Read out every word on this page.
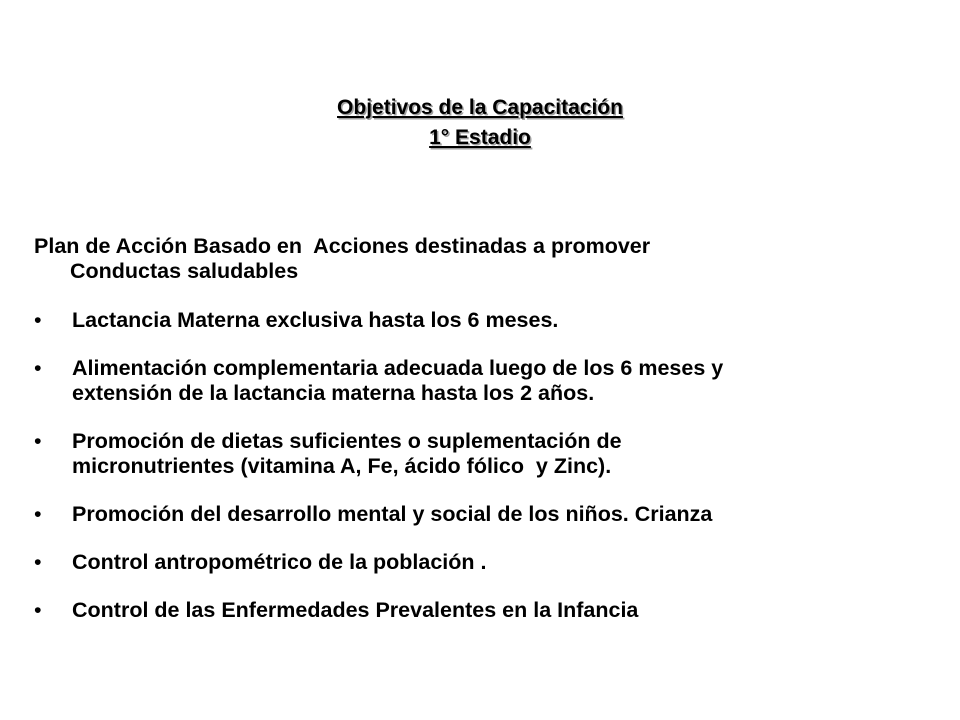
Objetivos de la Capacitación
1° Estadio
Plan de Acción Basado en  Acciones destinadas a promover
Conductas saludables
• Lactancia Materna exclusiva hasta los 6 meses.
• Alimentación complementaria adecuada luego de los 6 meses y
extensión de la lactancia materna hasta los 2 años.
• Promoción de dietas suficientes o suplementación de
micronutrientes (vitamina A, Fe, ácido fólico  y Zinc).
• Promoción del desarrollo mental y social de los niños. Crianza
• Control antropométrico de la población .
• Control de las Enfermedades Prevalentes en la Infancia
